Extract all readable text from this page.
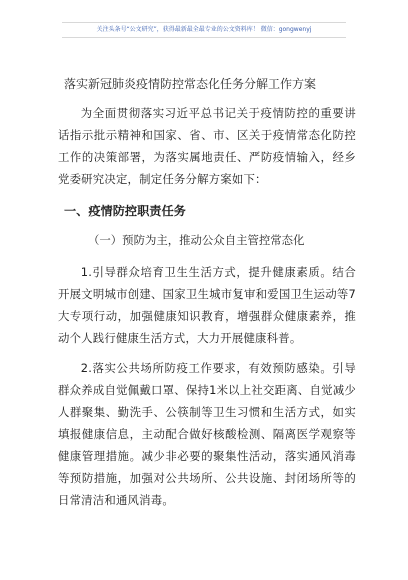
关注头条号“公文研究”，获得最新最全最专业的公文资料库！ 微信：gongwenyj
落实新冠肺炎疫情防控常态化任务分解工作方案

为全面贯彻落实习近平总书记关于疫情防控的重要讲话指示批示精神和国家、省、市、区关于疫情常态化防控工作的决策部署，为落实属地责任、严防疫情输入，经乡党委研究决定，制定任务分解方案如下：

一、疫情防控职责任务
（一）预防为主，推动公众自主管控常态化

1.引导群众培育卫生生活方式，提升健康素质。结合开展文明城市创建、国家卫生城市复审和爱国卫生运动等7大专项行动，加强健康知识教育，增强群众健康素养，推动个人践行健康生活方式，大力开展健康科普。

2.落实公共场所防疫工作要求，有效预防感染。引导群众养成自觉佩戴口罩、保持1米以上社交距离、自觉减少人群聚集、勤洗手、公筷制等卫生习惯和生活方式，如实填报健康信息，主动配合做好核酸检测、隔离医学观察等健康管理措施。减少非必要的聚集性活动，落实通风消毒等预防措施，加强对公共场所、公共设施、封闭场所等的日常清洁和通风消毒。
